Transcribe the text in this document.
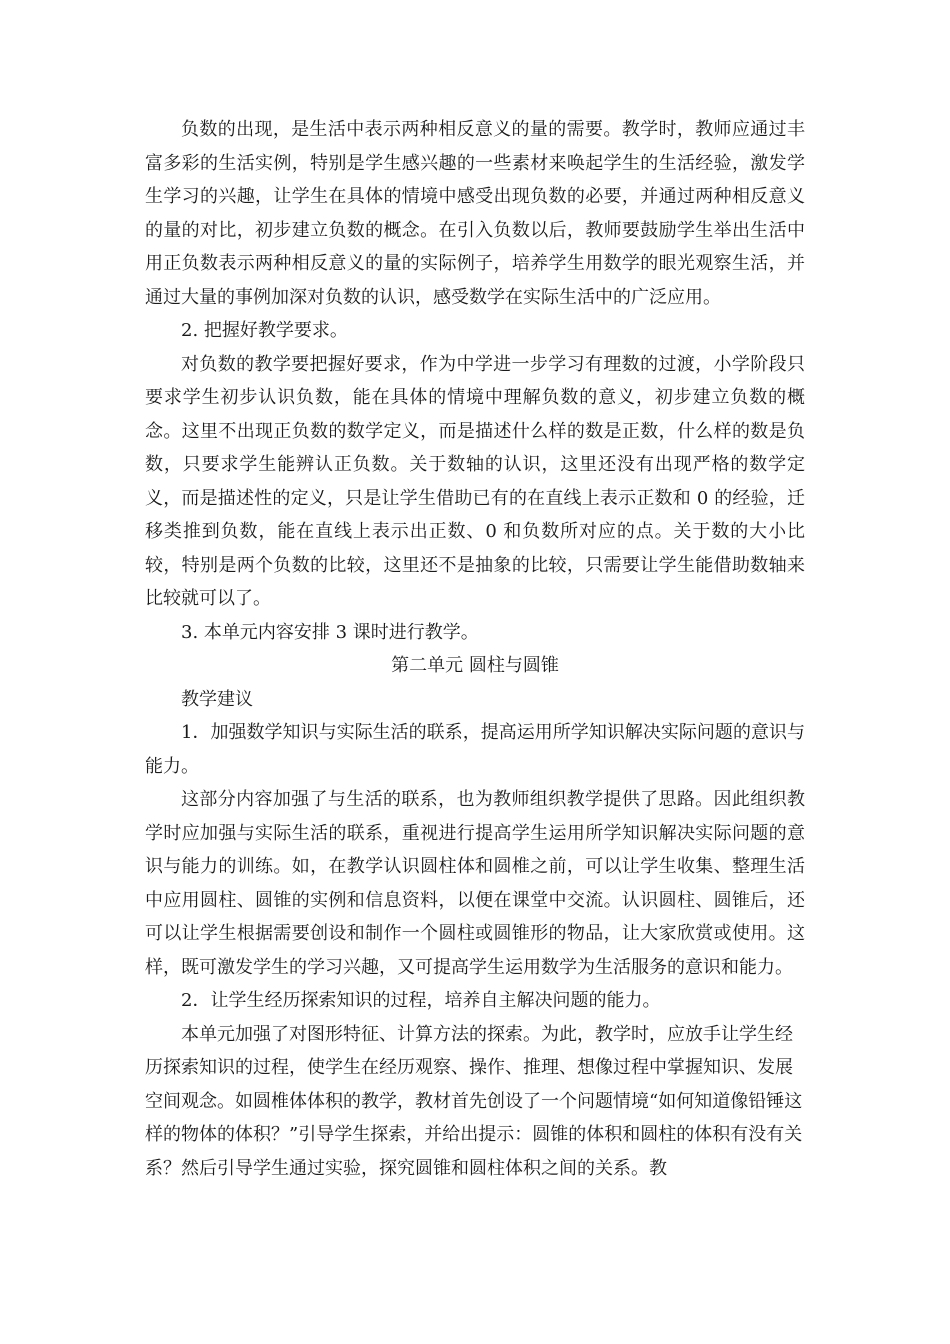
负数的出现，是生活中表示两种相反意义的量的需要。教学时，教师应通过丰富多彩的生活实例，特别是学生感兴趣的一些素材来唤起学生的生活经验，激发学生学习的兴趣，让学生在具体的情境中感受出现负数的必要，并通过两种相反意义的量的对比，初步建立负数的概念。在引入负数以后，教师要鼓励学生举出生活中用正负数表示两种相反意义的量的实际例子，培养学生用数学的眼光观察生活，并通过大量的事例加深对负数的认识，感受数学在实际生活中的广泛应用。

2. 把握好教学要求。

对负数的教学要把握好要求，作为中学进一步学习有理数的过渡，小学阶段只要求学生初步认识负数，能在具体的情境中理解负数的意义，初步建立负数的概念。这里不出现正负数的数学定义，而是描述什么样的数是正数，什么样的数是负数，只要求学生能辨认正负数。关于数轴的认识，这里还没有出现严格的数学定义，而是描述性的定义，只是让学生借助已有的在直线上表示正数和 0 的经验，迁移类推到负数，能在直线上表示出正数、0 和负数所对应的点。关于数的大小比较，特别是两个负数的比较，这里还不是抽象的比较，只需要让学生能借助数轴来比较就可以了。

3. 本单元内容安排 3 课时进行教学。

第二单元 圆柱与圆锥

教学建议

1．加强数学知识与实际生活的联系，提高运用所学知识解决实际问题的意识与能力。

这部分内容加强了与生活的联系，也为教师组织教学提供了思路。因此组织教学时应加强与实际生活的联系，重视进行提高学生运用所学知识解决实际问题的意识与能力的训练。如，在教学认识圆柱体和圆椎之前，可以让学生收集、整理生活中应用圆柱、圆锥的实例和信息资料，以便在课堂中交流。认识圆柱、圆锥后，还可以让学生根据需要创设和制作一个圆柱或圆锥形的物品，让大家欣赏或使用。这样，既可激发学生的学习兴趣，又可提高学生运用数学为生活服务的意识和能力。

2．让学生经历探索知识的过程，培养自主解决问题的能力。

本单元加强了对图形特征、计算方法的探索。为此，教学时，应放手让学生经历探索知识的过程，使学生在经历观察、操作、推理、想像过程中掌握知识、发展空间观念。如圆椎体体积的教学，教材首先创设了一个问题情境“如何知道像铅锤这样的物体的体积？”引导学生探索，并给出提示：圆锥的体积和圆柱的体积有没有关系？然后引导学生通过实验，探究圆锥和圆柱体积之间的关系。教
